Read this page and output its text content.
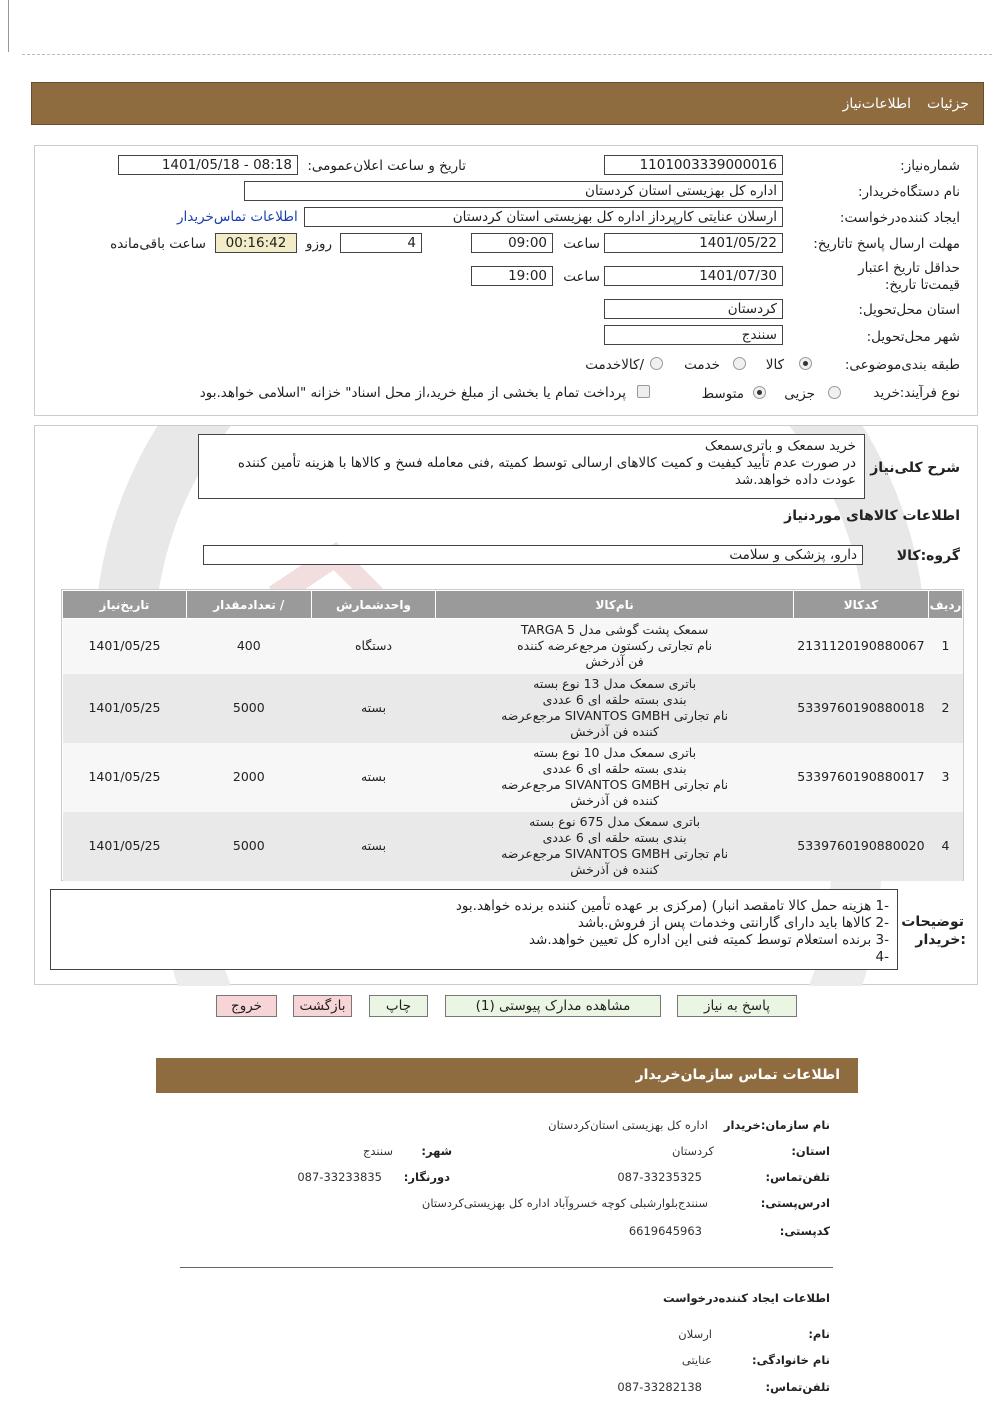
جزئیات
اطلاعات‌نیاز
شماره‌نیاز:
1101003339000016
تاریخ و ساعت اعلان‌عمومی:
1401/05/18 - 08:18
نام دستگاه‌خریدار:
اداره کل بهزیستی استان کردستان
ایجاد کننده‌درخواست:
ارسلان عنایتی کارپرداز اداره کل بهزیستی استان کردستان
اطلاعات تماس‌خریدار
مهلت ارسال ‌پاسخ تا‌تاریخ:
1401/05/22
ساعت
09:00
4
روزو
00:16:42
ساعت باقی‌مانده
حداقل تاریخ اعتبار قیمت‌تا تاریخ:
1401/07/30
ساعت
19:00
استان محل‌تحویل:
کردستان
شهر محل‌تحویل:
سنندج
طبقه بندی‌موضوعی:
کالا
خدمت
/کالاخدمت
نوع فرآیند:
خرید
جزیی
متوسط
پرداخت تمام یا بخشی از مبلغ خرید،از محل اسناد" خزانه "اسلامی خواهد.بود
شرح کلی‌نیاز
خرید سمعک و باتری‌سمعک
در صورت عدم تأیید کیفیت و کمیت کالاهای ارسالی توسط کمیته ,فنی معامله فسخ و کالاها با هزینه تأمین کننده
عودت داده خواهد.شد
اطلاعات کالاهای موردنیاز
گروه:کالا
دارو، پزشکی و سلامت
ردیف	کدکالا	نام‌کالا	واحدشمارش	/ تعدادمقدار	تاریخ‌نیاز
1	2131120190880067	سمعک پشت گوشی مدل TARGA 5
نام تجارتی رکستون مرجع‌عرضه کننده
فن آذرخش	دستگاه	400	1401/05/25
2	5339760190880018	باتری سمعک مدل 13 نوع بسته
بندی بسته حلقه ای 6 عددی
نام تجارتی SIVANTOS GMBH مرجع‌عرضه
کننده فن آذرخش	بسته	5000	1401/05/25
3	5339760190880017	باتری سمعک مدل 10 نوع بسته
بندی بسته حلقه ای 6 عددی
نام تجارتی SIVANTOS GMBH مرجع‌عرضه
کننده فن آذرخش	بسته	2000	1401/05/25
4	5339760190880020	باتری سمعک مدل 675 نوع بسته
بندی بسته حلقه ای 6 عددی
نام تجارتی SIVANTOS GMBH مرجع‌عرضه
کننده فن آذرخش	بسته	5000	1401/05/25
توضیحات
:خریدار
-1 هزینه حمل کالا تامقصد انبار) (مرکزی بر عهده تأمین کننده برنده خواهد.بود
-2 کالاها باید دارای گارانتی وخدمات پس از فروش.باشد
-3 برنده استعلام توسط کمیته فنی این اداره کل تعیین خواهد.شد
-4
پاسخ به نیاز
مشاهده مدارک پیوستی (1)
چاپ
بازگشت
خروج
اطلاعات تماس سازمان‌خریدار
نام سازمان‌:خریدار
اداره کل بهزیستی استان‌کردستان
استان:
کردستان
شهر:
سنندج
تلفن‌تماس:
087-33235325
دورنگار:
087-33233835
ادرس‌پستی:
سنندج‌بلوارشبلی کوچه خسروآباد اداره کل بهزیستی‌کردستان
کدپستی:
6619645963
اطلاعات ایجاد کننده‌درخواست
نام:
ارسلان
نام خانوادگی:
عنایتی
تلفن‌تماس:
087-33282138
